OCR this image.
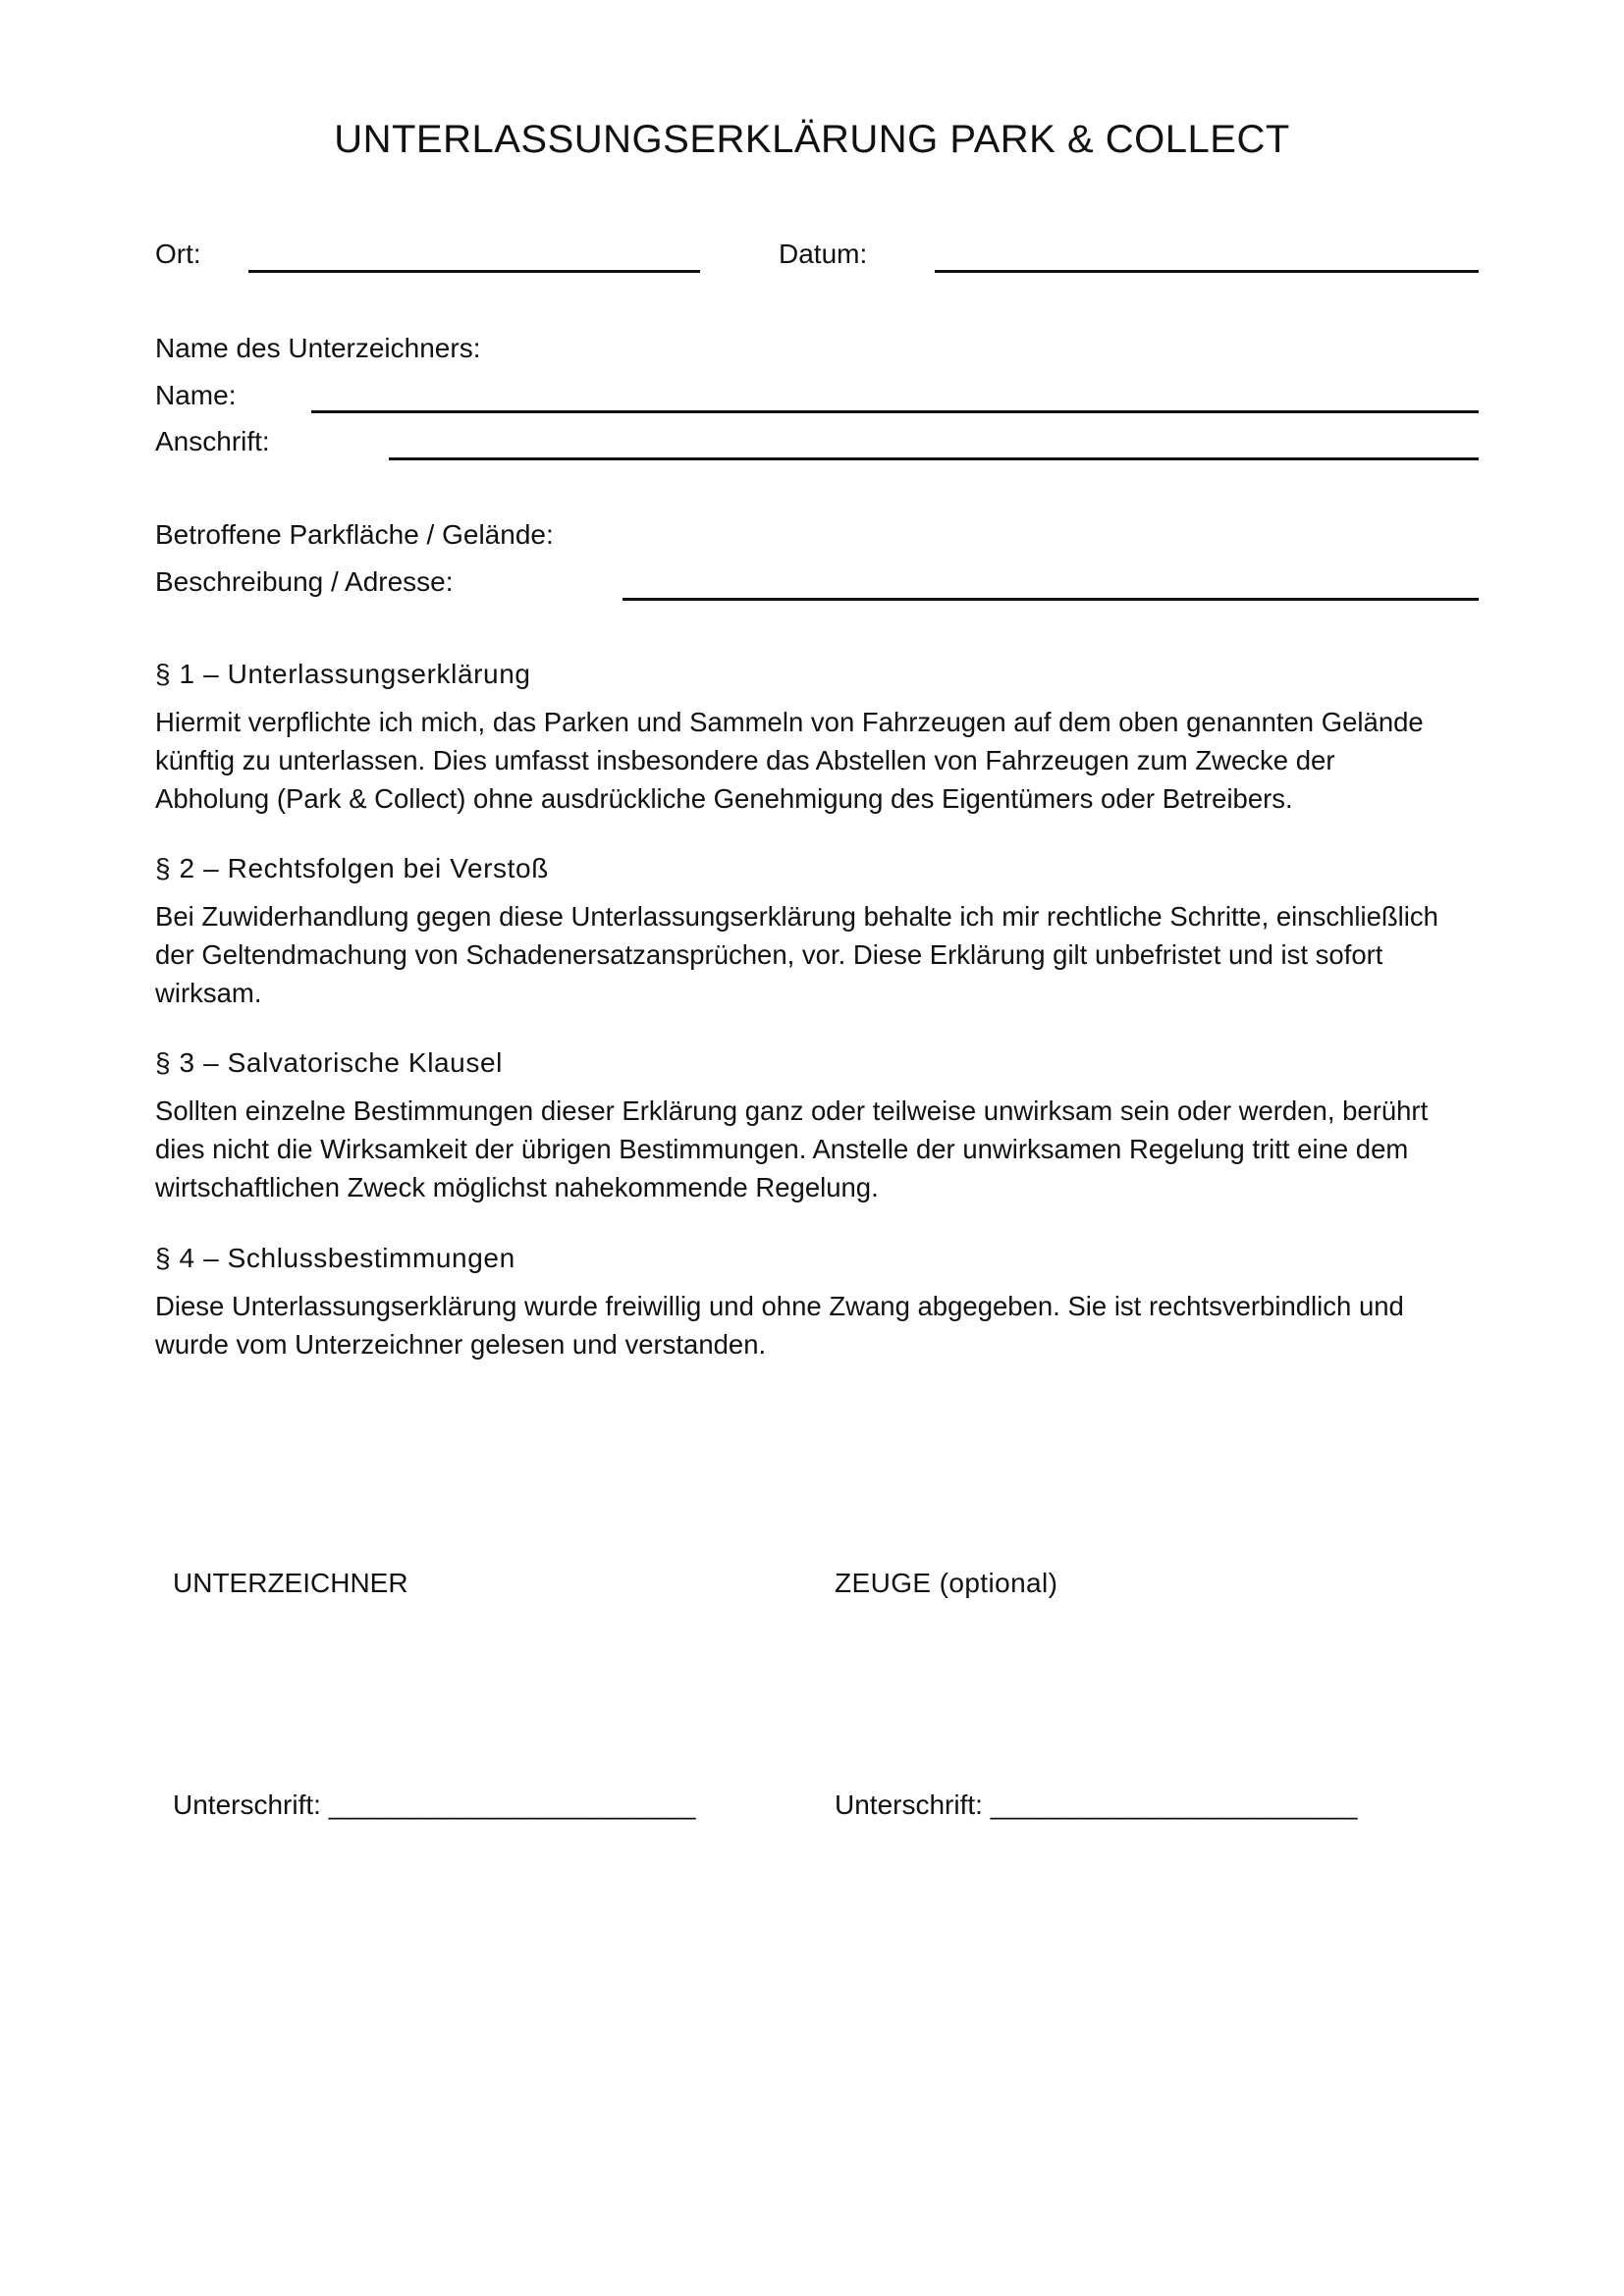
UNTERLASSUNGSERKLÄRUNG PARK & COLLECT
Ort:	Datum:
Name des Unterzeichners:
Name:
Anschrift:
Betroffene Parkfläche / Gelände:
Beschreibung / Adresse:
§ 1 – Unterlassungserklärung
Hiermit verpflichte ich mich, das Parken und Sammeln von Fahrzeugen auf dem oben genannten Gelände
künftig zu unterlassen. Dies umfasst insbesondere das Abstellen von Fahrzeugen zum Zwecke der
Abholung (Park & Collect) ohne ausdrückliche Genehmigung des Eigentümers oder Betreibers.
§ 2 – Rechtsfolgen bei Verstoß
Bei Zuwiderhandlung gegen diese Unterlassungserklärung behalte ich mir rechtliche Schritte, einschließlich
der Geltendmachung von Schadenersatzansprüchen, vor. Diese Erklärung gilt unbefristet und ist sofort
wirksam.
§ 3 – Salvatorische Klausel
Sollten einzelne Bestimmungen dieser Erklärung ganz oder teilweise unwirksam sein oder werden, berührt
dies nicht die Wirksamkeit der übrigen Bestimmungen. Anstelle der unwirksamen Regelung tritt eine dem
wirtschaftlichen Zweck möglichst nahekommende Regelung.
§ 4 – Schlussbestimmungen
Diese Unterlassungserklärung wurde freiwillig und ohne Zwang abgegeben. Sie ist rechtsverbindlich und
wurde vom Unterzeichner gelesen und verstanden.
UNTERZEICHNER	ZEUGE (optional)
Unterschrift: ________________________	Unterschrift: ________________________
